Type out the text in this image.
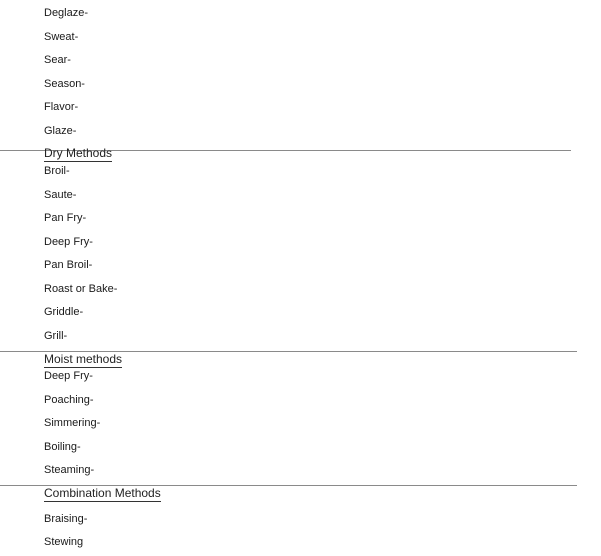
Deglaze-
Sweat-
Sear-
Season-
Flavor-
Glaze-
Dry Methods
Broil-
Saute-
Pan Fry-
Deep Fry-
Pan Broil-
Roast or Bake-
Griddle-
Grill-
Moist methods
Deep Fry-
Poaching-
Simmering-
Boiling-
Steaming-
Combination Methods
Braising-
Stewing
